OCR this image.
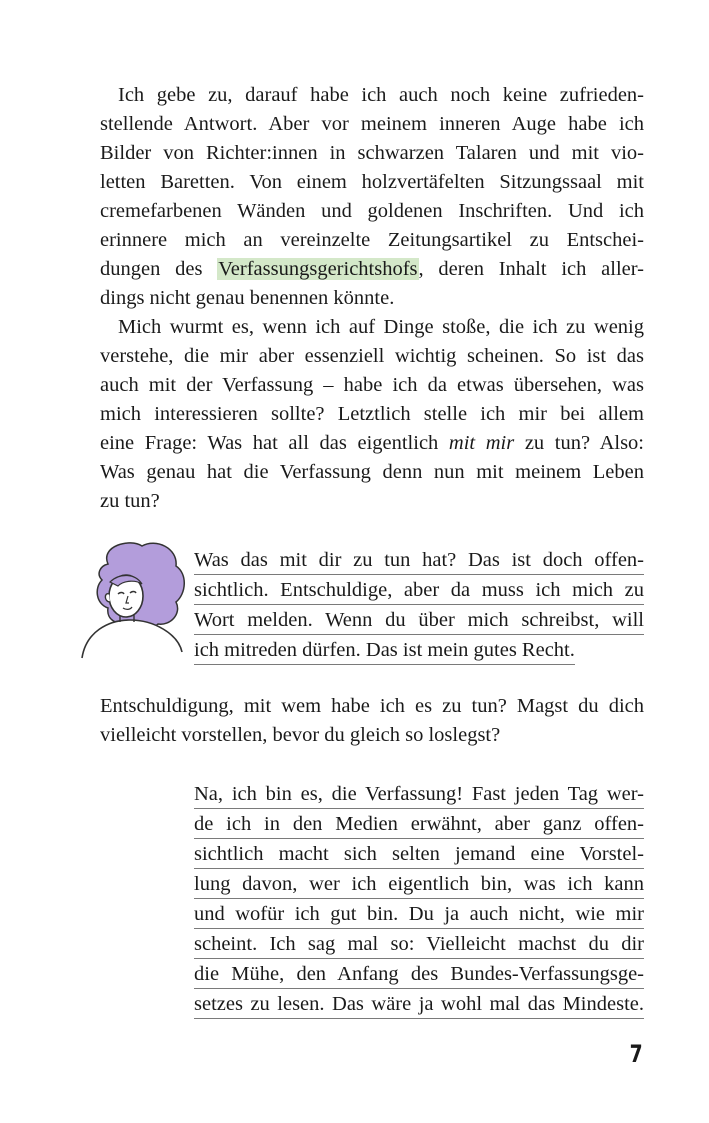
Ich gebe zu, darauf habe ich auch noch keine zufrieden-
stellende Antwort. Aber vor meinem inneren Auge habe ich
Bilder von Richter:innen in schwarzen Talaren und mit vio-
letten Baretten. Von einem holzvertäfelten Sitzungssaal mit
cremefarbenen Wänden und goldenen Inschriften. Und ich
erinnere mich an vereinzelte Zeitungsartikel zu Entschei-
dungen des Verfassungsgerichtshofs, deren Inhalt ich aller-
dings nicht genau benennen könnte.
Mich wurmt es, wenn ich auf Dinge stoße, die ich zu wenig
verstehe, die mir aber essenziell wichtig scheinen. So ist das
auch mit der Verfassung – habe ich da etwas übersehen, was
mich interessieren sollte? Letztlich stelle ich mir bei allem
eine Frage: Was hat all das eigentlich mit mir zu tun? Also:
Was genau hat die Verfassung denn nun mit meinem Leben
zu tun?
Was das mit dir zu tun hat? Das ist doch offen-
sichtlich. Entschuldige, aber da muss ich mich zu
Wort melden. Wenn du über mich schreibst, will
ich mitreden dürfen. Das ist mein gutes Recht.
Entschuldigung, mit wem habe ich es zu tun? Magst du dich
vielleicht vorstellen, bevor du gleich so loslegst?
Na, ich bin es, die Verfassung! Fast jeden Tag wer-
de ich in den Medien erwähnt, aber ganz offen-
sichtlich macht sich selten jemand eine Vorstel-
lung davon, wer ich eigentlich bin, was ich kann
und wofür ich gut bin. Du ja auch nicht, wie mir
scheint. Ich sag mal so: Vielleicht machst du dir
die Mühe, den Anfang des Bundes-Verfassungsge-
setzes zu lesen. Das wäre ja wohl mal das Mindeste.
7
